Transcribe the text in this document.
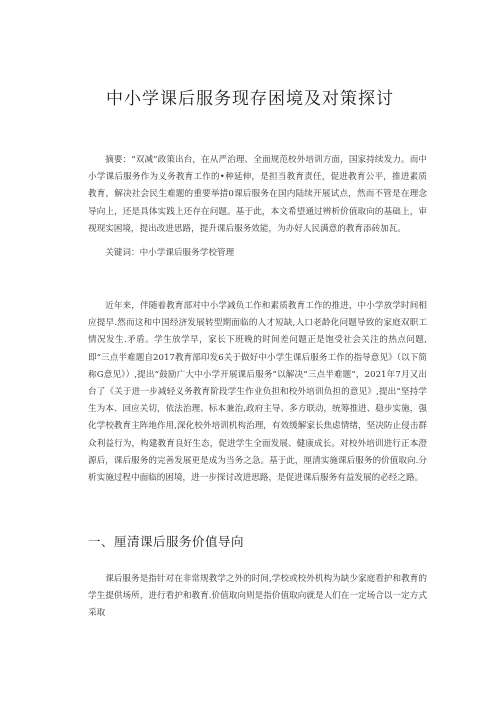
中小学课后服务现存困境及对策探讨

摘要：“双减”政策出台，在从严治理、全面规范校外培训方面，国家持续发力。而中小学课后服务作为义务教育工作的•种延伸，是担当教育责任，促进教育公平，推进素质教育，解决社会民生难题的重要举措0课后服务在国内陆续开展试点，然而不管是在理念导向上，还是具体实践上还存在问题。基于此，本文希望通过辨析价值取向的基础上，审视现实困境，提出改进思路，提升课后服务效能，为办好人民满意的教育添砖加瓦。

关键词：中小学课后服务学校管理

近年来，伴随着教育部对中小学减负工作和素质教育工作的推进，中小学放学时间相应提早.然而这和中国经济发展转型期面临的人才短缺,人口老龄化问题导致的家庭双职工情况发生.矛盾。学生放学早，家长下班晚的时间差问题正是饱受社会关注的热点问题,即“三点半难题自2017教育部印发6关于做好中小学生课后服务工作的指导意见》（以下简称G意见》）,提出“鼓励广大中小学开展课后服务”以解决“三点半难题”，2021年7月又出台了《关于进一步减轻义务教育阶段学生作业负担和校外培训负担的意见》,提出“坚持学生为本、回应关切，依法治理、标本兼治,政府主导、多方联动，统筹推进、稳步实施，强化学校教育主阵地作用,深化校外培训机构治理，有效缓解家长焦虑情绪，坚决防止侵击群众利益行为，构建教育良好生态，促进学生全面发展、健康成长。对校外培训进行正本澄源后，课后服务的完善发展更是成为当务之急。基于此，厘清实施课后服务的价值取向.分析实施过程中面临的困境，进一步探讨改进思路，是促进课后服务有益发展的必经之路。

一、厘清课后服务价值导向

课后服务是指针对在非常规教学之外的时间,学校或校外机构为缺少家庭看护和教育的学生提供场所，进行看护和教育.价值取向则是指价值取向就是人们在一定场合以一定方式采取
